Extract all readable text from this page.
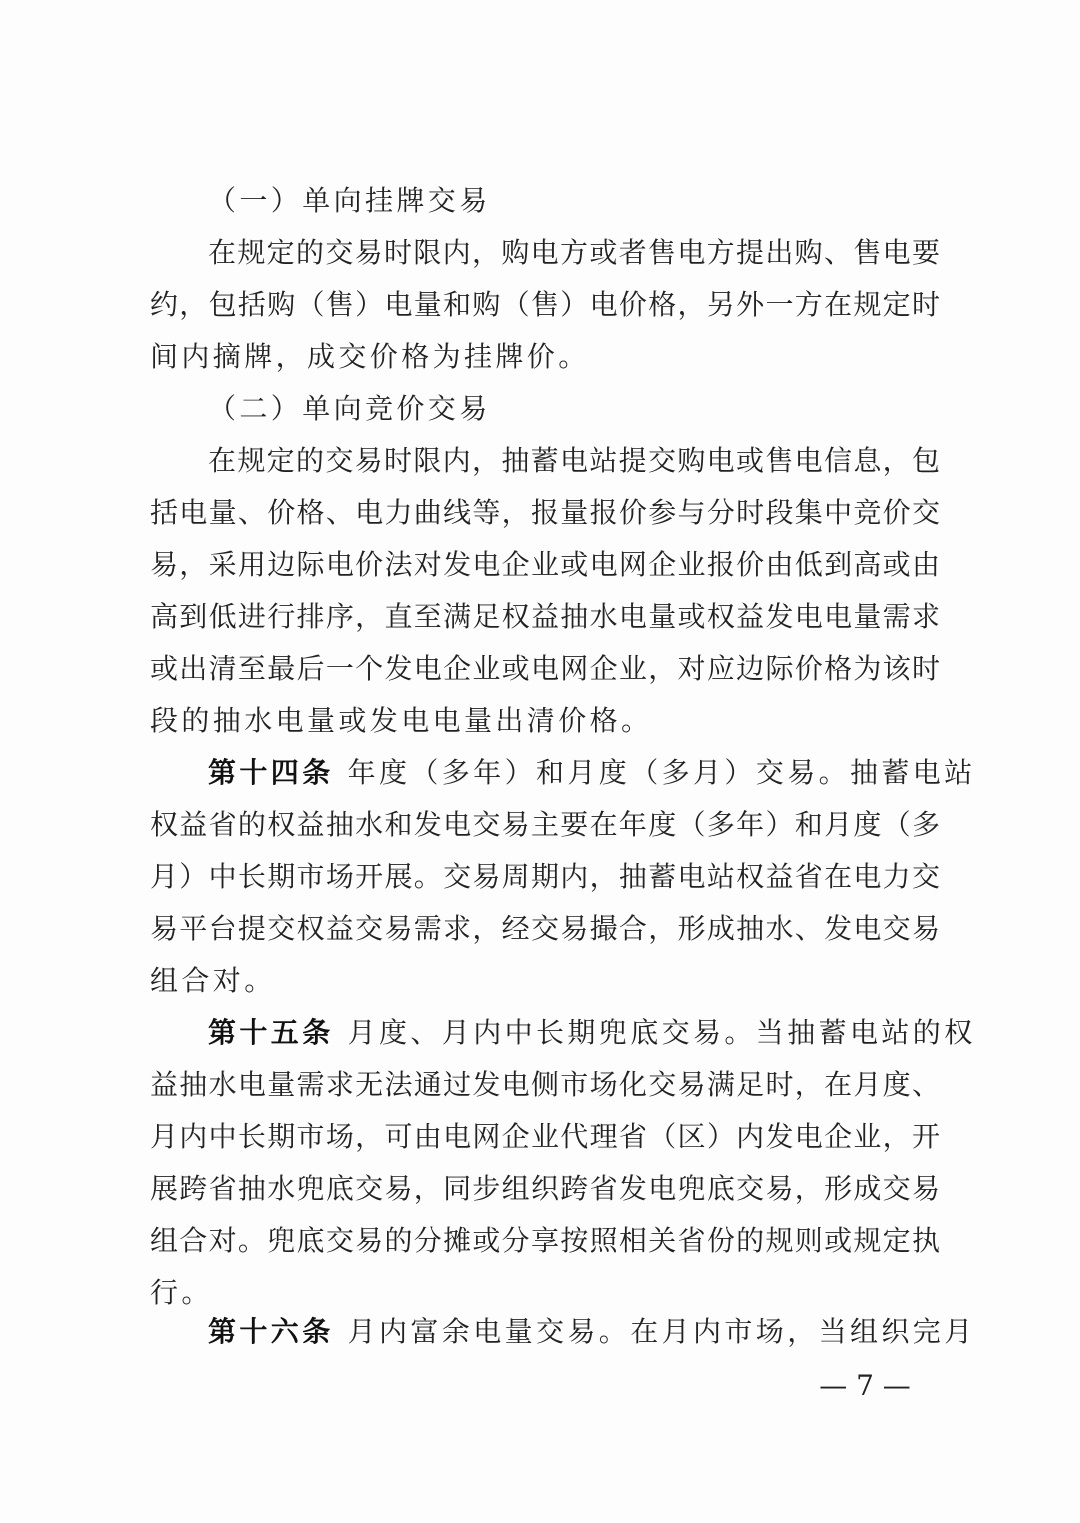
（一）单向挂牌交易
在规定的交易时限内，购电方或者售电方提出购、售电要
约，包括购（售）电量和购（售）电价格，另外一方在规定时
间内摘牌，成交价格为挂牌价。
（二）单向竞价交易
在规定的交易时限内，抽蓄电站提交购电或售电信息，包
括电量、价格、电力曲线等，报量报价参与分时段集中竞价交
易，采用边际电价法对发电企业或电网企业报价由低到高或由
高到低进行排序，直至满足权益抽水电量或权益发电电量需求
或出清至最后一个发电企业或电网企业，对应边际价格为该时
段的抽水电量或发电电量出清价格。
第十四条 年度（多年）和月度（多月）交易。抽蓄电站
权益省的权益抽水和发电交易主要在年度（多年）和月度（多
月）中长期市场开展。交易周期内，抽蓄电站权益省在电力交
易平台提交权益交易需求，经交易撮合，形成抽水、发电交易
组合对。
第十五条 月度、月内中长期兜底交易。当抽蓄电站的权
益抽水电量需求无法通过发电侧市场化交易满足时，在月度、
月内中长期市场，可由电网企业代理省（区）内发电企业，开
展跨省抽水兜底交易，同步组织跨省发电兜底交易，形成交易
组合对。兜底交易的分摊或分享按照相关省份的规则或规定执
行。
第十六条 月内富余电量交易。在月内市场，当组织完月
— 7 —
